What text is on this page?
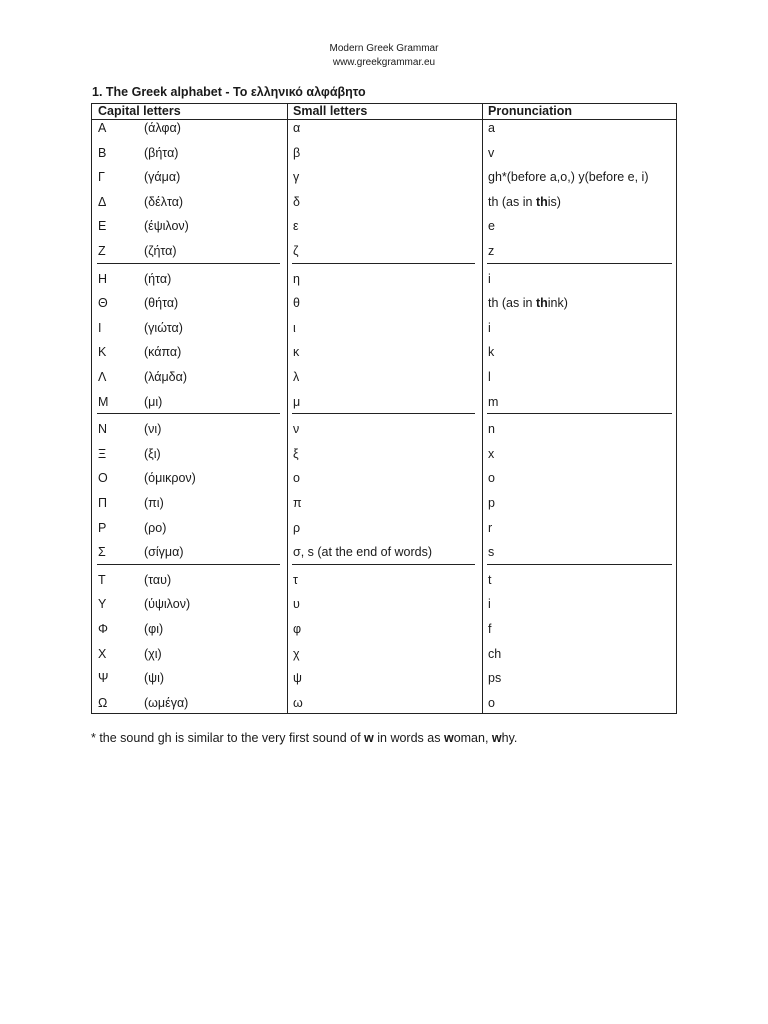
Modern Greek Grammar
www.greekgrammar.eu
1. The Greek alphabet - Το ελληνικό αλφάβητο
Capital letters	Small letters	Pronunciation
Α	(άλφα)	α	a
Β	(βήτα)	β	v
Γ	(γάμα)	γ	gh*(before a,o,) y(before e, i)
Δ	(δέλτα)	δ	th (as in this)
Ε	(έψιλον)	ε	e
Ζ	(ζήτα)	ζ	z
Η	(ήτα)	η	i
Θ	(θήτα)	θ	th (as in think)
Ι	(γιώτα)	ι	i
Κ	(κάπα)	κ	k
Λ	(λάμδα)	λ	l
Μ	(μι)	μ	m
Ν	(νι)	ν	n
Ξ	(ξι)	ξ	x
Ο	(όμικρον)	ο	o
Π	(πι)	π	p
Ρ	(ρο)	ρ	r
Σ	(σίγμα)	σ, s (at the end of words)	s
Τ	(ταυ)	τ	t
Υ	(ύψιλον)	υ	i
Φ	(φι)	φ	f
Χ	(χι)	χ	ch
Ψ	(ψι)	ψ	ps
Ω	(ωμέγα)	ω	o
* the sound gh is similar to the very first sound of w in words as woman, why.
